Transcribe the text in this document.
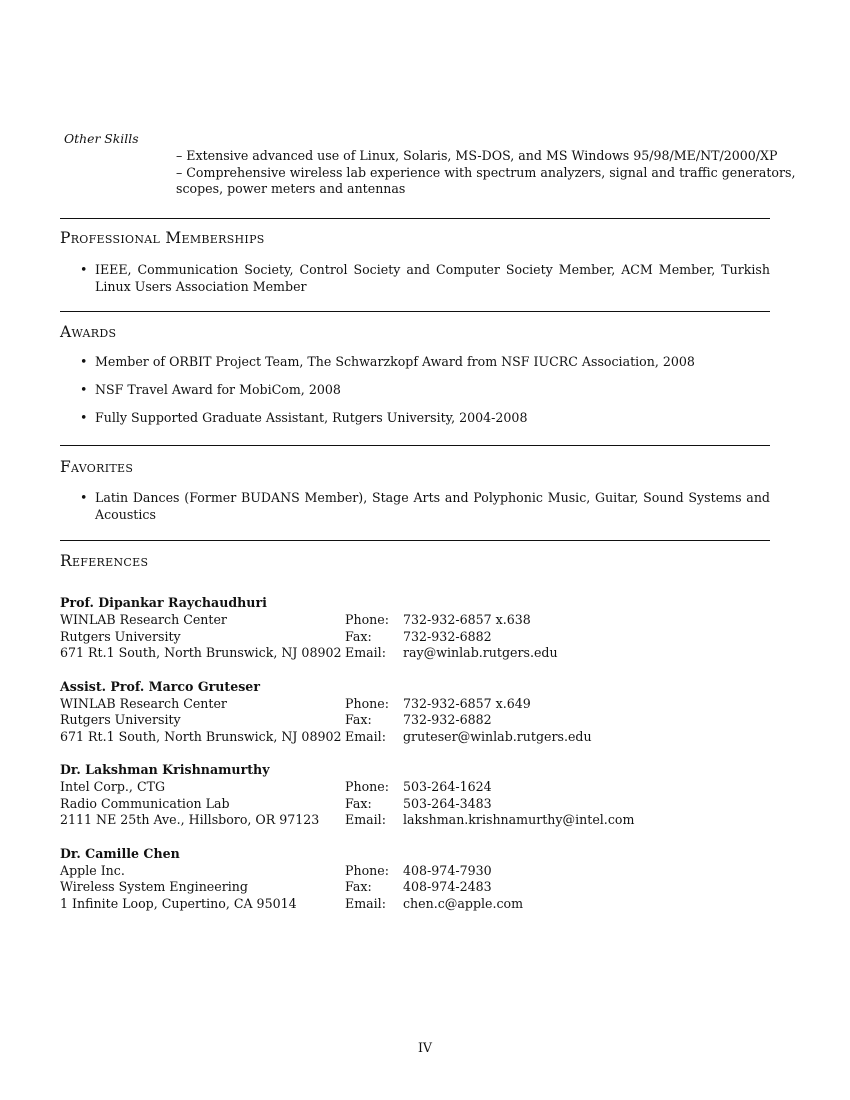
Other Skills
– Extensive advanced use of Linux, Solaris, MS-DOS, and MS Windows 95/98/ME/NT/2000/XP
– Comprehensive wireless lab experience with spectrum analyzers, signal and traffic generators,
scopes, power meters and antennas
Professional Memberships
• IEEE, Communication Society, Control Society and Computer Society Member, ACM Member, Turkish Linux Users Association Member
Awards
• Member of ORBIT Project Team, The Schwarzkopf Award from NSF IUCRC Association, 2008
• NSF Travel Award for MobiCom, 2008
• Fully Supported Graduate Assistant, Rutgers University, 2004-2008
Favorites
• Latin Dances (Former BUDANS Member), Stage Arts and Polyphonic Music, Guitar, Sound Systems and Acoustics
References
Prof. Dipankar Raychaudhuri
WINLAB Research Center	Phone:	732-932-6857 x.638
Rutgers University	Fax:	732-932-6882
671 Rt.1 South, North Brunswick, NJ 08902 Email:	ray@winlab.rutgers.edu
Assist. Prof. Marco Gruteser
WINLAB Research Center	Phone:	732-932-6857 x.649
Rutgers University	Fax:	732-932-6882
671 Rt.1 South, North Brunswick, NJ 08902 Email:	gruteser@winlab.rutgers.edu
Dr. Lakshman Krishnamurthy
Intel Corp., CTG	Phone:	503-264-1624
Radio Communication Lab	Fax:	503-264-3483
2111 NE 25th Ave., Hillsboro, OR 97123	Email:	lakshman.krishnamurthy@intel.com
Dr. Camille Chen
Apple Inc.	Phone:	408-974-7930
Wireless System Engineering	Fax:	408-974-2483
1 Infinite Loop, Cupertino, CA 95014	Email:	chen.c@apple.com
IV
